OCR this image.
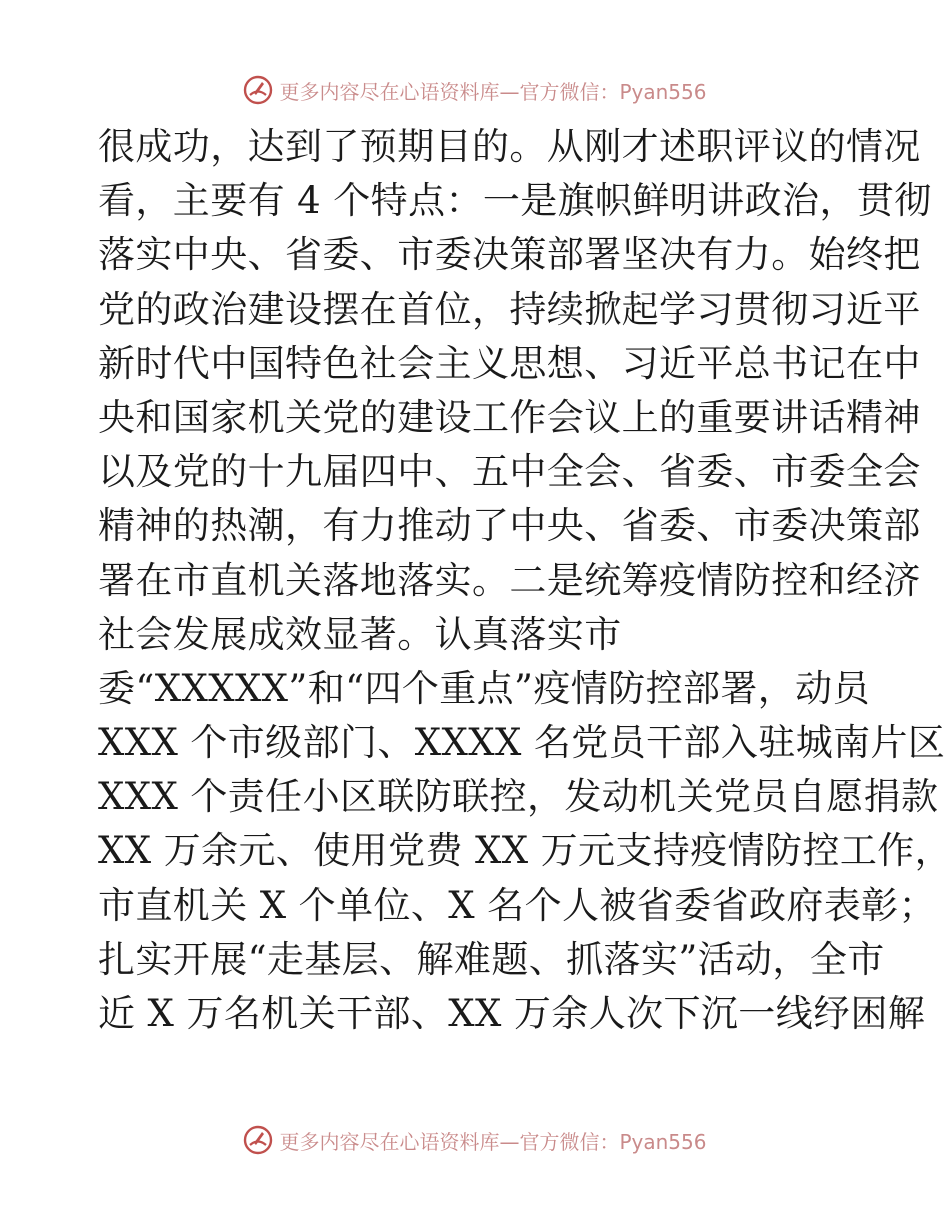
更多内容尽在心语资料库—官方微信：Pyan556
很成功，达到了预期目的。从刚才述职评议的情况
看，主要有 4 个特点：一是旗帜鲜明讲政治，贯彻
落实中央、省委、市委决策部署坚决有力。始终把
党的政治建设摆在首位，持续掀起学习贯彻习近平
新时代中国特色社会主义思想、习近平总书记在中
央和国家机关党的建设工作会议上的重要讲话精神
以及党的十九届四中、五中全会、省委、市委全会
精神的热潮，有力推动了中央、省委、市委决策部
署在市直机关落地落实。二是统筹疫情防控和经济
社会发展成效显著。认真落实市
委“XXXXX”和“四个重点”疫情防控部署，动员
XXX 个市级部门、XXXX 名党员干部入驻城南片区
XXX 个责任小区联防联控，发动机关党员自愿捐款
XX 万余元、使用党费 XX 万元支持疫情防控工作，
市直机关 X 个单位、X 名个人被省委省政府表彰；
扎实开展“走基层、解难题、抓落实”活动，全市
近 X 万名机关干部、XX 万余人次下沉一线纾困解
更多内容尽在心语资料库—官方微信：Pyan556
